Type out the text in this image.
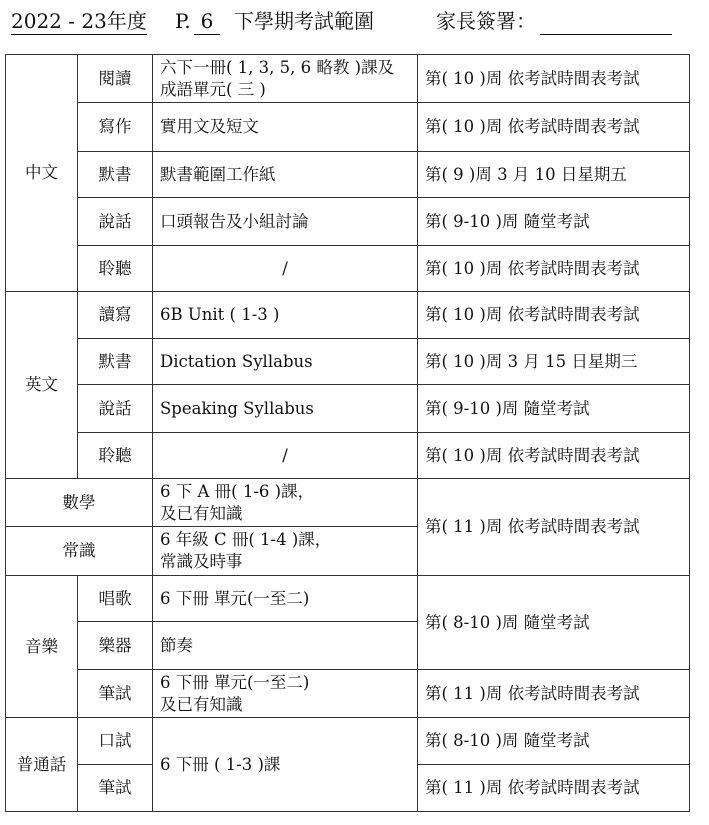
2022 - 23年度 P. 6	下學期考試範圍	家長簽署：
中文	閱讀	六下一冊( 1, 3, 5, 6 略教 )課及
成語單元( 三 )	第( 10 )周 依考試時間表考試
	寫作	實用文及短文	第( 10 )周 依考試時間表考試
	默書	默書範圍工作紙	第( 9 )周 3 月 10 日星期五
	說話	口頭報告及小組討論	第( 9-10 )周 隨堂考試
	聆聽	/	第( 10 )周 依考試時間表考試
英文	讀寫	6B Unit ( 1-3 )	第( 10 )周 依考試時間表考試
	默書	Dictation Syllabus	第( 10 )周 3 月 15 日星期三
	說話	Speaking Syllabus	第( 9-10 )周 隨堂考試
	聆聽	/	第( 10 )周 依考試時間表考試
數學		6 下 A 冊( 1-6 )課，
及已有知識	第( 11 )周 依考試時間表考試
常識		6 年級 C 冊( 1-4 )課，
常識及時事	

音樂	唱歌	6 下冊 單元(一至二)	第( 8-10 )周 隨堂考試
	樂器	節奏	
	筆試	6 下冊 單元(一至二)
及已有知識	第( 11 )周 依考試時間表考試
普通話	口試	6 下冊 ( 1-3 )課	第( 8-10 )周 隨堂考試
	筆試		第( 11 )周 依考試時間表考試
